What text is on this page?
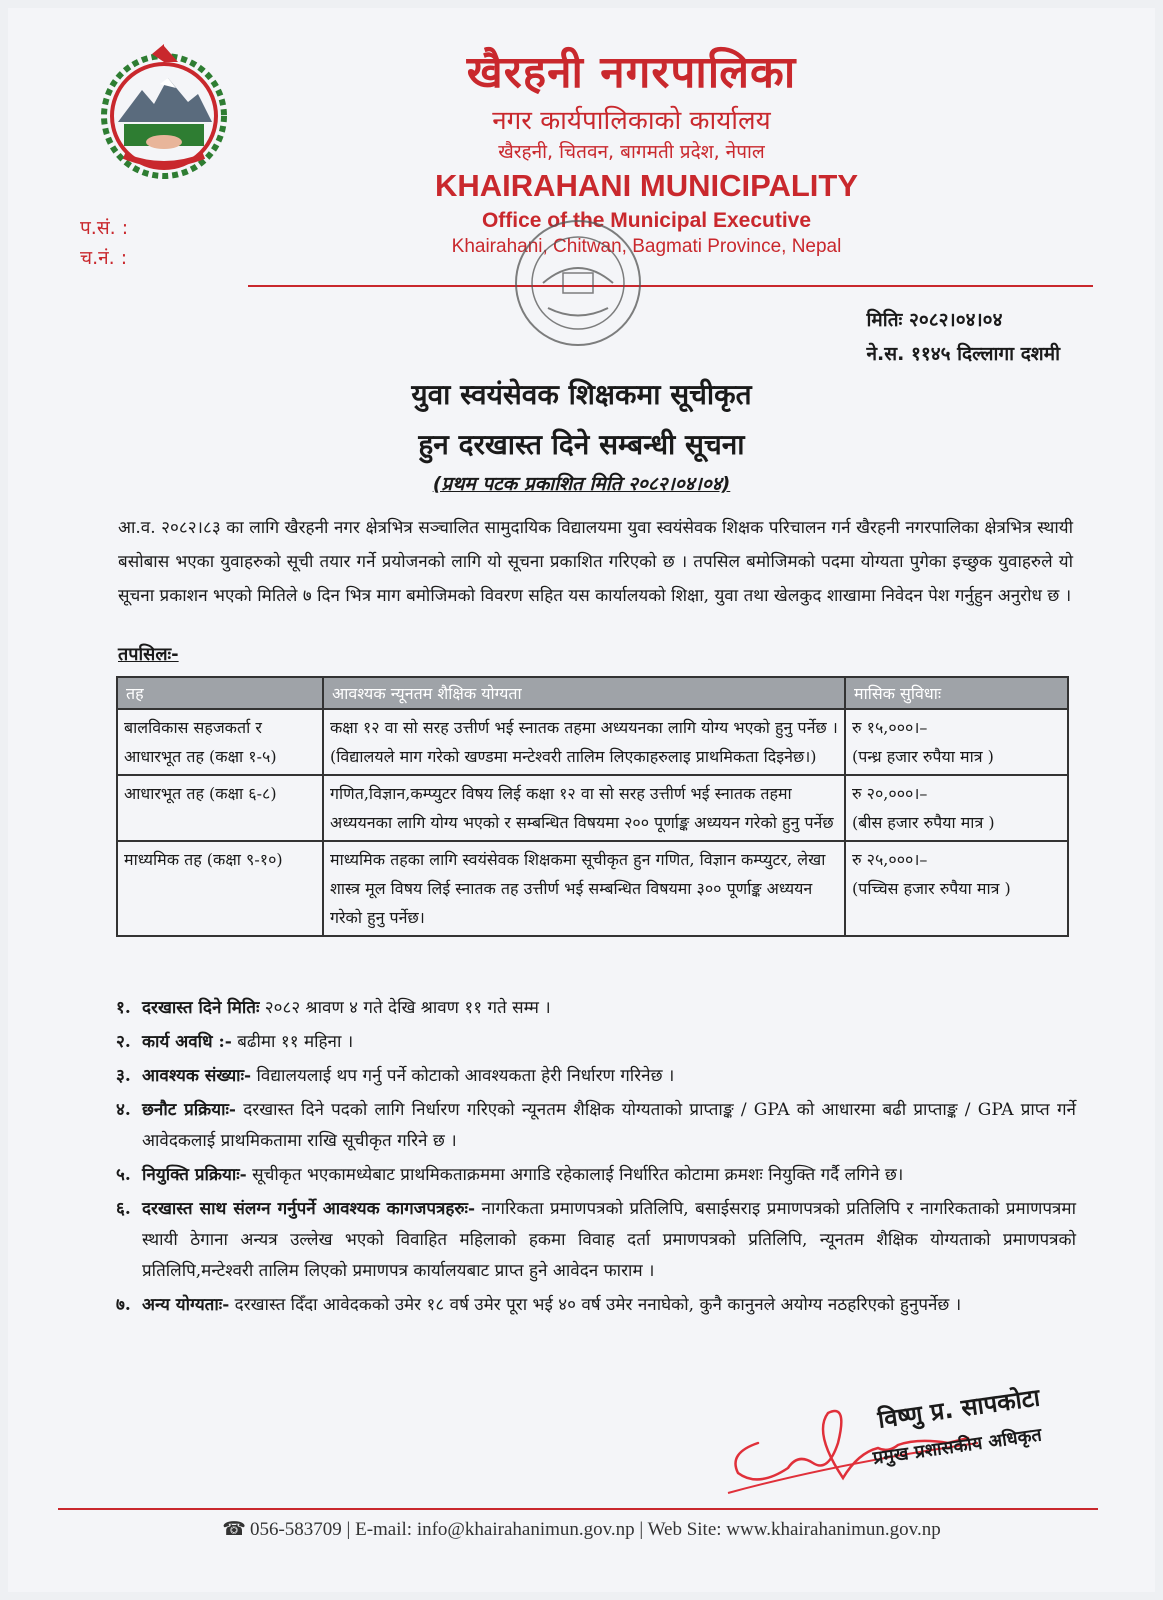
खैरहनी नगरपालिका
नगर कार्यपालिकाको कार्यालय
खैरहनी, चितवन, बागमती प्रदेश, नेपाल
KHAIRAHANI MUNICIPALITY
Office of the Municipal Executive
Khairahani, Chitwan, Bagmati Province, Nepal
प.सं. :
च.नं. :
मितिः २०८२।०४।०४
ने.स. ११४५ दिल्लागा दशमी
युवा स्वयंसेवक शिक्षकमा सूचीकृत
हुन दरखास्त दिने सम्बन्धी सूचना
(प्रथम पटक प्रकाशित मिति २०८२।०४।०४)
आ.व. २०८२।८३ का लागि खैरहनी नगर क्षेत्रभित्र सञ्चालित सामुदायिक विद्यालयमा युवा स्वयंसेवक शिक्षक परिचालन गर्न खैरहनी नगरपालिका क्षेत्रभित्र स्थायी बसोबास भएका युवाहरुको सूची तयार गर्ने प्रयोजनको लागि यो सूचना प्रकाशित गरिएको छ । तपसिल बमोजिमको पदमा योग्यता पुगेका इच्छुक युवाहरुले यो सूचना प्रकाशन भएको मितिले ७ दिन भित्र माग बमोजिमको विवरण सहित यस कार्यालयको शिक्षा, युवा तथा खेलकुद शाखामा निवेदन पेश गर्नुहुन अनुरोध छ ।
तपसिलः-
तह	आवश्यक न्यूनतम शैक्षिक योग्यता	मासिक सुविधाः
बालविकास सहजकर्ता र आधारभूत तह (कक्षा १-५)	कक्षा १२ वा सो सरह उत्तीर्ण भई स्नातक तहमा अध्ययनका लागि योग्य भएको हुनु पर्नेछ । (विद्यालयले माग गरेको खण्डमा मन्टेश्वरी तालिम लिएकाहरुलाइ प्राथमिकता दिइनेछ।)	रु १५,०००।–
(पन्ध्र हजार रुपैया मात्र )

आधारभूत तह (कक्षा ६-८)	गणित,विज्ञान,कम्प्युटर विषय लिई कक्षा १२ वा सो सरह उत्तीर्ण भई स्नातक तहमा अध्ययनका लागि योग्य भएको र सम्बन्धित विषयमा २०० पूर्णाङ्क अध्ययन गरेको हुनु पर्नेछ	रु २०,०००।–
(बीस हजार रुपैया मात्र )

माध्यमिक तह (कक्षा ९-१०)	माध्यमिक तहका लागि स्वयंसेवक शिक्षकमा सूचीकृत हुन गणित, विज्ञान कम्प्युटर, लेखा शास्त्र मूल विषय लिई स्नातक तह उत्तीर्ण भई सम्बन्धित विषयमा ३०० पूर्णाङ्क अध्ययन गरेको हुनु पर्नेछ।	रु २५,०००।–
(पच्चिस हजार रुपैया मात्र )
१. दरखास्त दिने मितिः २०८२ श्रावण ४ गते देखि श्रावण ११ गते सम्म ।
२. कार्य अवधि :- बढीमा ११ महिना ।
३. आवश्यक संख्याः- विद्यालयलाई थप गर्नु पर्ने कोटाको आवश्यकता हेरी निर्धारण गरिनेछ ।
४. छनौट प्रक्रियाः- दरखास्त दिने पदको लागि निर्धारण गरिएको न्यूनतम शैक्षिक योग्यताको प्राप्ताङ्क / GPA को आधारमा बढी प्राप्ताङ्क / GPA प्राप्त गर्ने आवेदकलाई प्राथमिकतामा राखि सूचीकृत गरिने छ ।
५. नियुक्ति प्रक्रियाः- सूचीकृत भएकामध्येबाट प्राथमिकताक्रममा अगाडि रहेकालाई निर्धारित कोटामा क्रमशः नियुक्ति गर्दै लगिने छ।
६. दरखास्त साथ संलग्न गर्नुपर्ने आवश्यक कागजपत्रहरुः- नागरिकता प्रमाणपत्रको प्रतिलिपि, बसाईसराइ प्रमाणपत्रको प्रतिलिपि र नागरिकताको प्रमाणपत्रमा स्थायी ठेगाना अन्यत्र उल्लेख भएको विवाहित महिलाको हकमा विवाह दर्ता प्रमाणपत्रको प्रतिलिपि, न्यूनतम शैक्षिक योग्यताको प्रमाणपत्रको प्रतिलिपि,मन्टेश्वरी तालिम लिएको प्रमाणपत्र कार्यालयबाट प्राप्त हुने आवेदन फाराम ।
७. अन्य योग्यताः- दरखास्त दिँदा आवेदकको उमेर १८ वर्ष उमेर पूरा भई ४० वर्ष उमेर ननाघेको, कुनै कानुनले अयोग्य नठहरिएको हुनुपर्नेछ ।
विष्णु प्र. सापकोटा
प्रमुख प्रशासकीय अधिकृत
☎ 056-583709 | E-mail: info@khairahanimun.gov.np | Web Site: www.khairahanimun.gov.np
